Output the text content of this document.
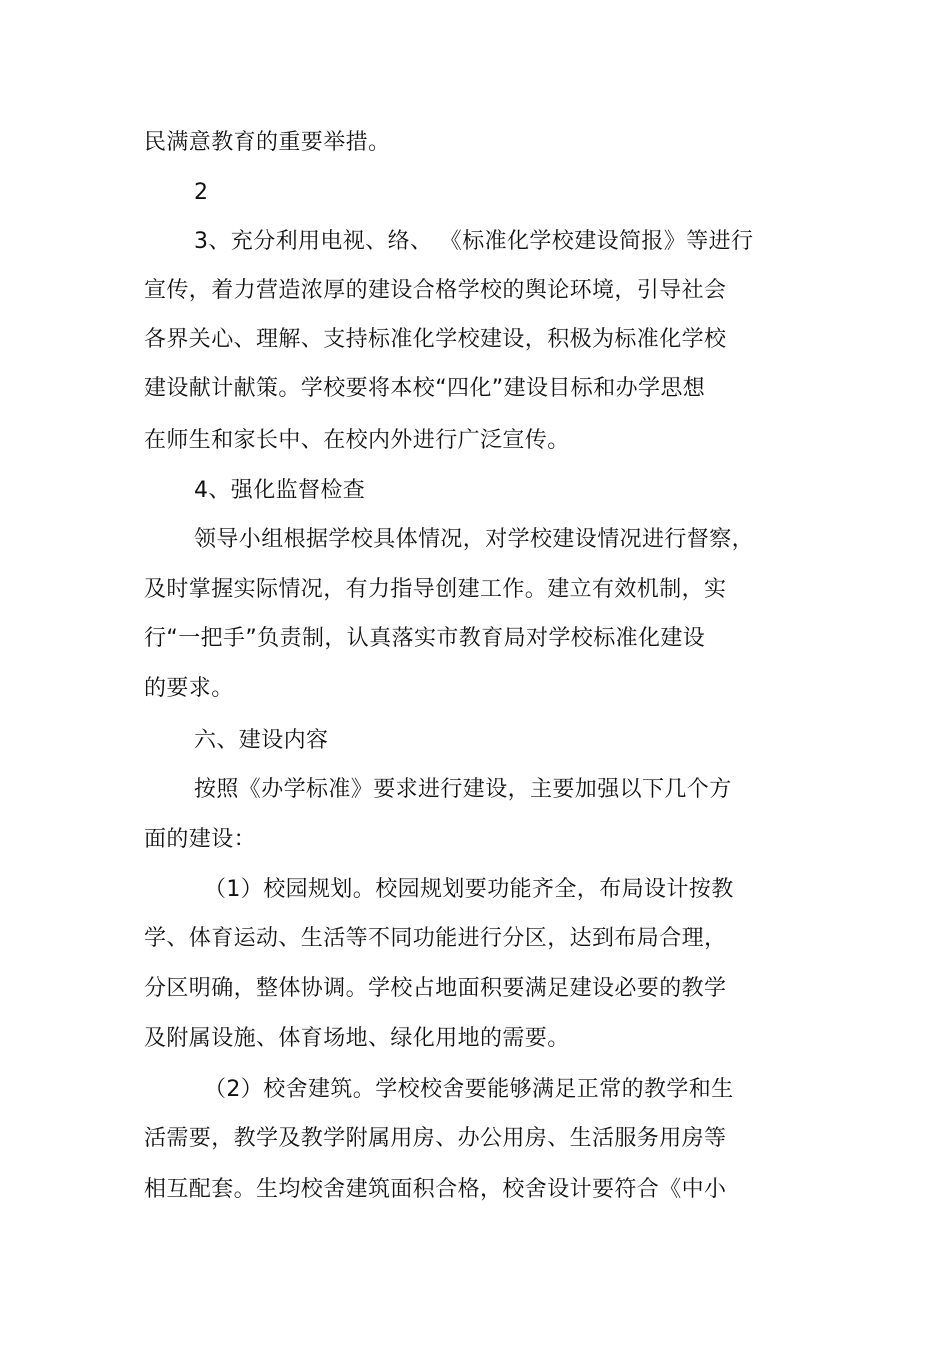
民满意教育的重要举措。
2
3、充分利用电视、络、 《标准化学校建设简报》等进行
宣传，着力营造浓厚的建设合格学校的舆论环境，引导社会
各界关心、理解、支持标准化学校建设，积极为标准化学校
建设献计献策。学校要将本校“四化”建设目标和办学思想
在师生和家长中、在校内外进行广泛宣传。
4、强化监督检查
领导小组根据学校具体情况，对学校建设情况进行督察，
及时掌握实际情况，有力指导创建工作。建立有效机制，实
行“一把手”负责制，认真落实市教育局对学校标准化建设
的要求。
六、建设内容
按照《办学标准》要求进行建设，主要加强以下几个方
面的建设：
（1）校园规划。校园规划要功能齐全，布局设计按教
学、体育运动、生活等不同功能进行分区，达到布局合理，
分区明确，整体协调。学校占地面积要满足建设必要的教学
及附属设施、体育场地、绿化用地的需要。
（2）校舍建筑。学校校舍要能够满足正常的教学和生
活需要，教学及教学附属用房、办公用房、生活服务用房等
相互配套。生均校舍建筑面积合格，校舍设计要符合《中小
